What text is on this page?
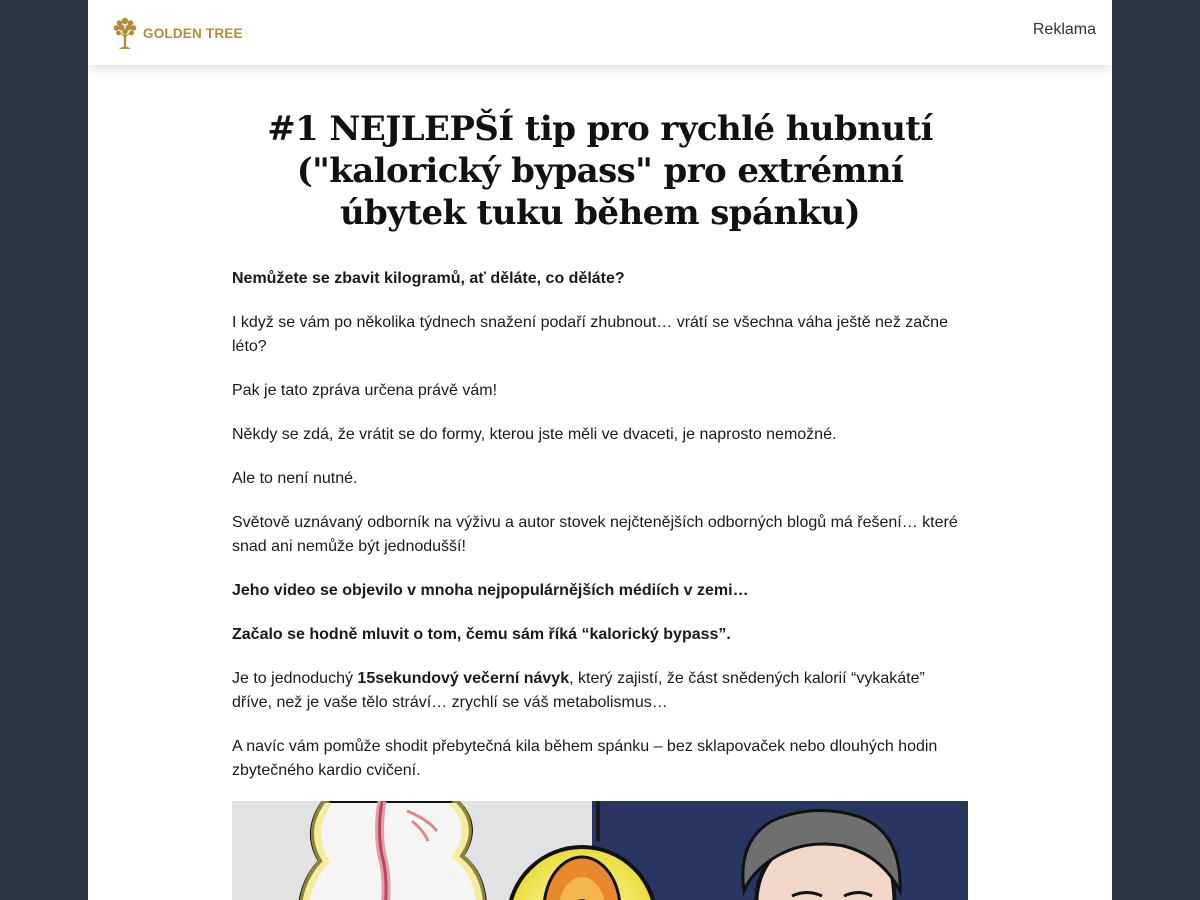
GOLDEN TREE	Reklama
#1 NEJLEPŠÍ tip pro rychlé hubnutí ("kalorický bypass" pro extrémní úbytek tuku během spánku)

Nemůžete se zbavit kilogramů, ať děláte, co děláte?

I když se vám po několika týdnech snažení podaří zhubnout… vrátí se všechna váha ještě než začne léto?

Pak je tato zpráva určena právě vám!

Někdy se zdá, že vrátit se do formy, kterou jste měli ve dvaceti, je naprosto nemožné.

Ale to není nutné.

Světově uznávaný odborník na výživu a autor stovek nejčtenějších odborných blogů má řešení… které snad ani nemůže být jednodušší!

Jeho video se objevilo v mnoha nejpopulárnějších médiích v zemi…

Začalo se hodně mluvit o tom, čemu sám říká “kalorický bypass”.

Je to jednoduchý 15sekundový večerní návyk, který zajistí, že část snědených kalorií “vykakáte” dříve, než je vaše tělo stráví… zrychlí se váš metabolismus…

A navíc vám pomůže shodit přebytečná kila během spánku – bez sklapovaček nebo dlouhých hodin zbytečného kardio cvičení.
